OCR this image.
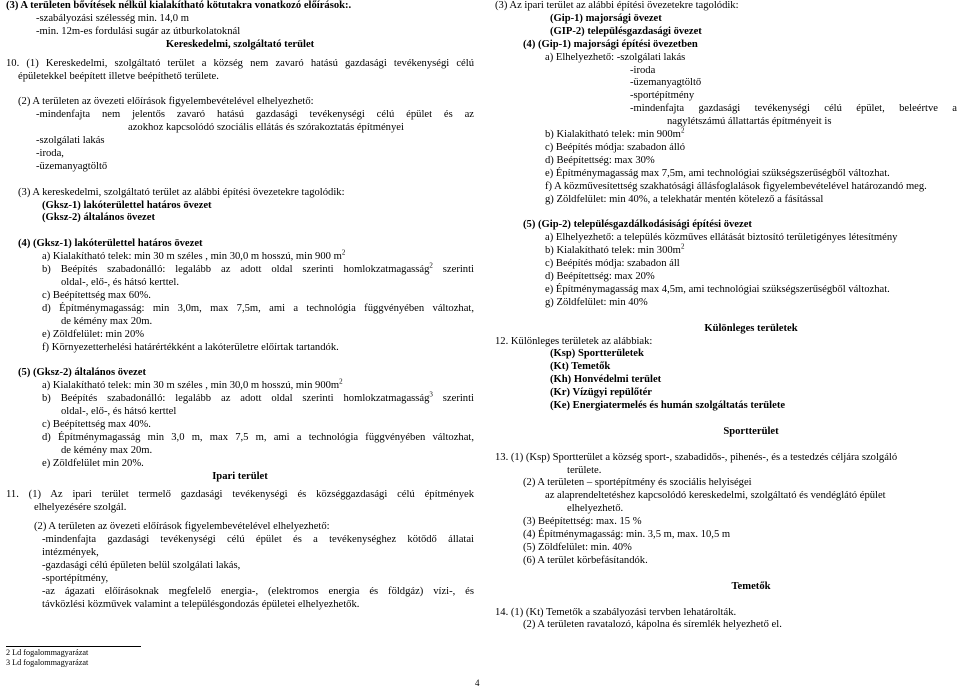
(3) A területen bővítések nélkül kialakítható kötutakra vonatkozó előírások:.
-szabályozási szélesség min. 14,0 m
-min. 12m-es fordulási sugár az útburkolatoknál
Kereskedelmi, szolgáltató terület
10. (1) Kereskedelmi, szolgáltató terület a község nem zavaró hatású gazdasági tevékenységi célú
épületekkel beépített illetve beépíthető területe.
(2) A területen az övezeti előírások figyelembevételével elhelyezhető:
-mindenfajta nem jelentős zavaró hatású gazdasági tevékenységi célú épület és az
azokhoz kapcsolódó szociális ellátás és szórakoztatás építményei
-szolgálati lakás
-iroda,
-üzemanyagtöltő
(3) A kereskedelmi, szolgáltató terület az alábbi építési övezetekre tagolódik:
(Gksz-1) lakóterülettel határos övezet
(Gksz-2) általános övezet
(4) (Gksz-1) lakóterülettel határos övezet
a) Kialakítható telek: min 30 m széles , min 30,0 m hosszú, min 900 $m^2$
b) Beépítés szabadonálló: legalább az adott oldal szerinti homlokzatmagasság$^2$ szerinti
oldal-, elő-, és hátsó kerttel.
c) Beépítettség max 60%.
d) Építménymagasság: min 3,0m, max 7,5m, ami a technológia függvényében változhat,
de kémény max 20m.
e) Zöldfelület: min 20%
f) Környezetterhelési határértékként a lakóterületre előírtak tartandók.
(5) (Gksz-2) általános övezet
a) Kialakítható telek: min 30 m széles , min 30,0 m hosszú, $\min 900m^2$
b) Beépítés szabadonálló: legalább az adott oldal szerinti homlokzatmagasság$^3$ szerinti
oldal-, elő-, és hátsó kerttel
c) Beépítettség max 40%.
d) Építménymagasság min 3,0 m, max 7,5 m, ami a technológia függvényében változhat,
de kémény max 20m.
e) Zöldfelület min 20%.
Ipari terület
11. (1) Az ipari terület termelő gazdasági tevékenységi és községgazdasági célú építmények
elhelyezésére szolgál.
(2) A területen az övezeti előírások figyelembevételével elhelyezhető:
-mindenfajta gazdasági tevékenységi célú épület és a tevékenységhez kötődő állatai
intézmények,
-gazdasági célú épületen belül szolgálati lakás,
-sportépítmény,
-az ágazati előírásoknak megfelelő energia-, (elektromos energia és földgáz) vízi-, és
távközlési közművek valamint a településgondozás épületei elhelyezhetők.
(3) Az ipari terület az alábbi építési övezetekre tagolódik:
(Gip-1) majorsági övezet
(GIP-2) településgazdasági övezet
(4) (Gip-1) majorsági építési övezetben
a) Elhelyezhető: -szolgálati lakás
-iroda
-üzemanyagtöltő
-sportépítmény
-mindenfajta gazdasági tevékenységi célú épület, beleértve a
nagylétszámú állattartás építményeit is
b) Kialakítható telek: $\min 900m^2$
c) Beépítés módja: szabadon álló
d) Beépítettség: max 30%
e) Építménymagasság max 7,5m, ami technológiai szükségszerűségből változhat.
f) A közművesítettség szakhatósági állásfoglalások figyelembevételével határozandó meg.
g) Zöldfelület: min 40%, a telekhatár mentén kötelező a fásítással
(5) (Gip-2) településgazdálkodásisági építési övezet
a) Elhelyezhető: a település közműves ellátását biztosító területigényes létesítmény
b) Kialakítható telek: $\min 300m^2$
c) Beépítés módja: szabadon áll
d) Beépítettség: max 20%
e) Építménymagasság max 4,5m, ami technológiai szükségszerűségből változhat.
g) Zöldfelület: min 40%
Különleges területek
12. Különleges területek az alábbiak:
(Ksp) Sportterületek
(Kt) Temetők
(Kh) Honvédelmi terület
(Kr) Vízügyi repülőtér
(Ke) Energiatermelés és humán szolgáltatás területe
Sportterület
13. (1) (Ksp) Sportterület a község sport-, szabadidős-, pihenés-, és a testedzés céljára szolgáló
területe.
(2) A területen – sportépítmény és szociális helyiségei
az alaprendeltetéshez kapcsolódó kereskedelmi, szolgáltató és vendéglátó épület
elhelyezhető.
(3) Beépítettség: max. 15 %
(4) Építménymagasság: min. 3,5 m, max. 10,5 m
(5) Zöldfelület: min. 40%
(6) A terület körbefásítandók.
Temetők
14. (1) (Kt) Temetők a szabályozási tervben lehatárolták.
(2) A területen ravatalozó, kápolna és síremlék helyezhető el.
2 Ld fogalommagyarázat
3 Ld fogalommagyarázat
4
